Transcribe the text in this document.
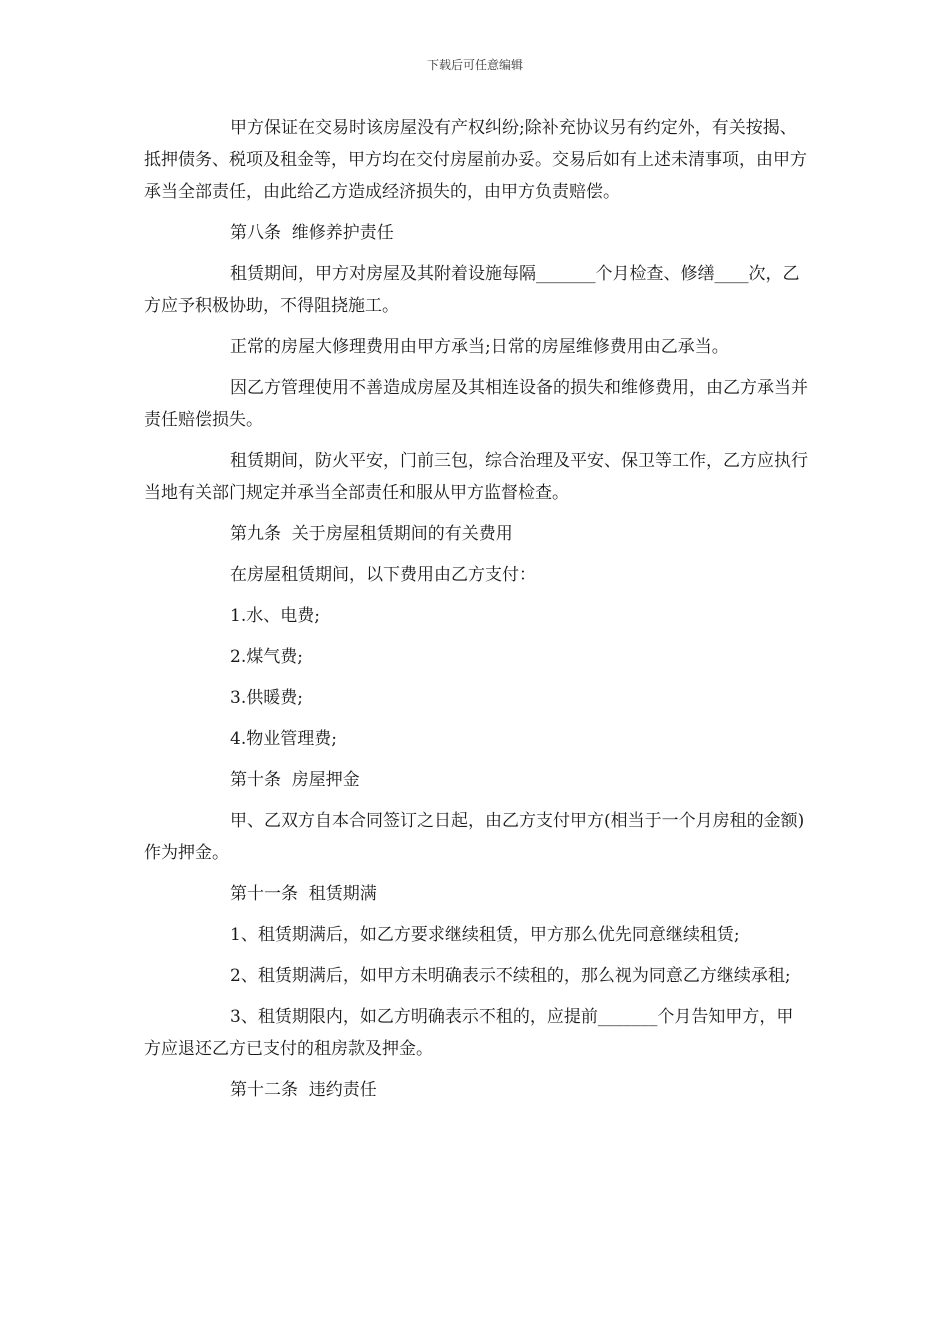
下载后可任意编辑

甲方保证在交易时该房屋没有产权纠纷;除补充协议另有约定外，有关按揭、抵押债务、税项及租金等，甲方均在交付房屋前办妥。交易后如有上述未清事项，由甲方承当全部责任，由此给乙方造成经济损失的，由甲方负责赔偿。

第八条  维修养护责任

租赁期间，甲方对房屋及其附着设施每隔_______个月检查、修缮____次，乙方应予积极协助，不得阻挠施工。

正常的房屋大修理费用由甲方承当;日常的房屋维修费用由乙承当。

因乙方管理使用不善造成房屋及其相连设备的损失和维修费用，由乙方承当并责任赔偿损失。

租赁期间，防火平安，门前三包，综合治理及平安、保卫等工作，乙方应执行当地有关部门规定并承当全部责任和服从甲方监督检查。

第九条  关于房屋租赁期间的有关费用

在房屋租赁期间，以下费用由乙方支付：

1.水、电费;

2.煤气费;

3.供暖费;

4.物业管理费;

第十条  房屋押金

甲、乙双方自本合同签订之日起，由乙方支付甲方(相当于一个月房租的金额)作为押金。

第十一条  租赁期满

1、租赁期满后，如乙方要求继续租赁，甲方那么优先同意继续租赁;

2、租赁期满后，如甲方未明确表示不续租的，那么视为同意乙方继续承租;

3、租赁期限内，如乙方明确表示不租的，应提前_______个月告知甲方，甲方应退还乙方已支付的租房款及押金。

第十二条  违约责任
